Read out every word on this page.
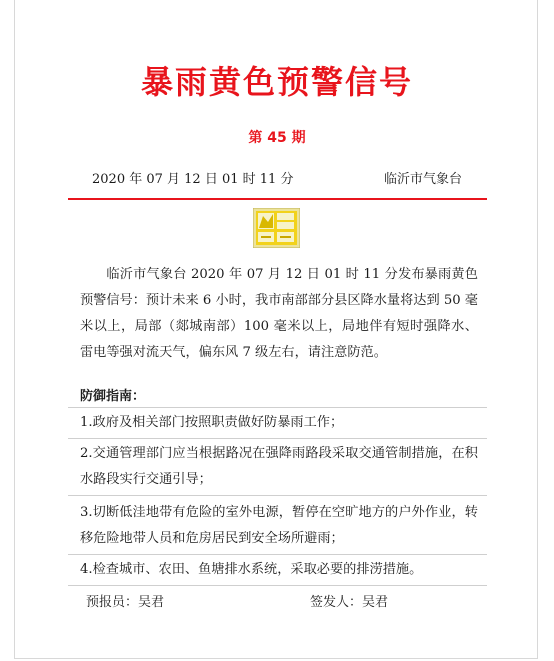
暴雨黄色预警信号
第 45 期
2020 年 07 月 12 日 01 时 11 分	临沂市气象台
临沂市气象台 2020 年 07 月 12 日 01 时 11 分发布暴雨黄色预警信号：预计未来 6 小时，我市南部部分县区降水量将达到 50 毫米以上，局部（郯城南部）100 毫米以上，局地伴有短时强降水、雷电等强对流天气，偏东风 7 级左右，请注意防范。
防御指南：
1.政府及相关部门按照职责做好防暴雨工作；
2.交通管理部门应当根据路况在强降雨路段采取交通管制措施，在积水路段实行交通引导；
3.切断低洼地带有危险的室外电源，暂停在空旷地方的户外作业，转移危险地带人员和危房居民到安全场所避雨；
4.检查城市、农田、鱼塘排水系统，采取必要的排涝措施。
预报员：吴君	签发人：吴君
